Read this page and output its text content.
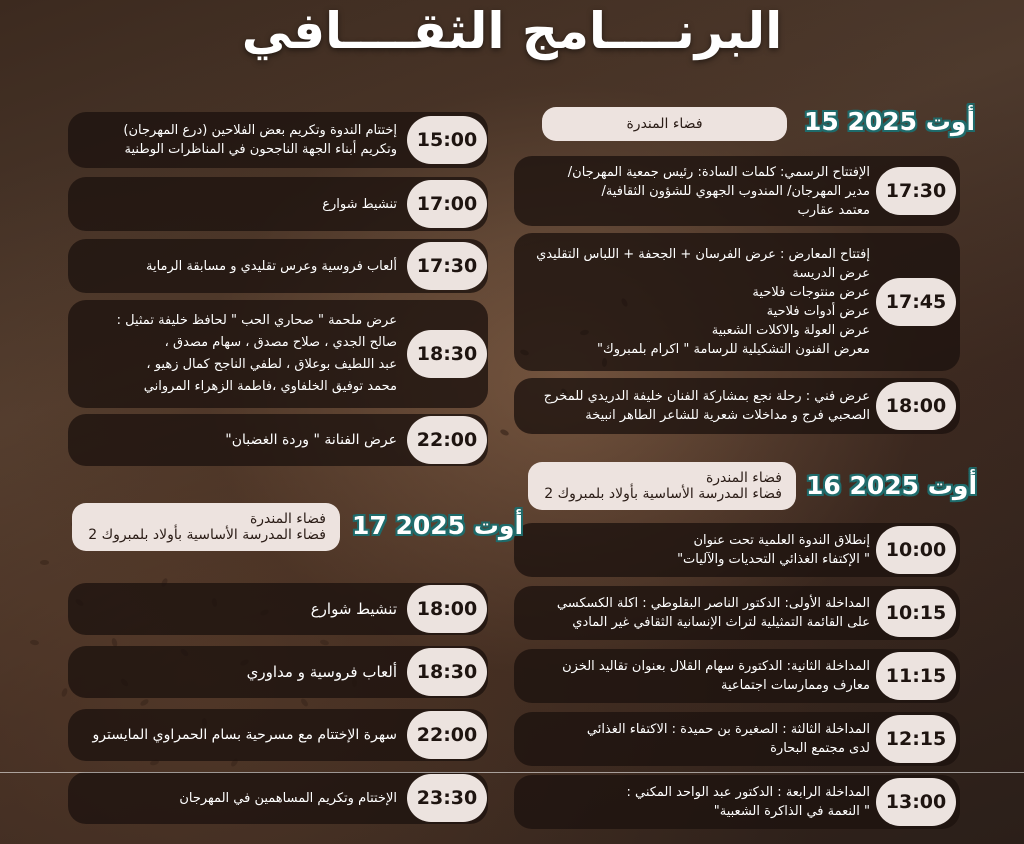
البرنــــامج الثقــــافي
15 أوت 2025
فضاء المندرة
17:30
الإفتتاح الرسمي: كلمات السادة: رئيس جمعية المهرجان/
مدير المهرجان/ المندوب الجهوي للشؤون الثقافية/
معتمد عقارب
17:45
إفتتاح المعارض : عرض الفرسان + الجحفة + اللباس التقليدي
عرض الدريسة
عرض منتوجات فلاحية
عرض أدوات فلاحية
عرض العولة والاكلات الشعبية
معرض الفنون التشكيلية للرسامة " اكرام بلمبروك"
18:00
عرض فني : رحلة نجع بمشاركة الفنان خليفة الدريدي للمخرج
الصحبي فرج و مداخلات شعرية للشاعر الطاهر انبيخة
16 أوت 2025
فضاء المندرة
فضاء المدرسة الأساسية بأولاد بلمبروك 2
10:00
إنطلاق الندوة العلمية تحت عنوان
" الإكتفاء الغذائي التحديات والآليات"
10:15
المداخلة الأولى: الدكتور الناصر البقلوطي : اكلة الكسكسي
على القائمة التمثيلية لتراث الإنسانية الثقافي غير المادي
11:15
المداخلة الثانية: الدكتورة سهام القلال بعنوان تقاليد الخزن
معارف وممارسات اجتماعية
12:15
المداخلة الثالثة : الصغيرة بن حميدة : الاكتفاء الغذائي
لدى مجتمع البحارة
13:00
المداخلة الرابعة : الدكتور عبد الواحد المكني :
" النعمة في الذاكرة الشعبية"
15:00
إختتام الندوة وتكريم بعض الفلاحين (درع المهرجان)
وتكريم أبناء الجهة الناجحون في المناظرات الوطنية
17:00
تنشيط شوارع
17:30
ألعاب فروسية وعرس تقليدي و مسابقة الرماية
18:30
عرض ملحمة " صحاري الحب " لحافظ خليفة تمثيل :
صالح الجدي ، صلاح مصدق ، سهام مصدق ،
عبد اللطيف بوعلاق ، لطفي الناجح كمال زهيو ،
محمد توفيق الخلفاوي ،فاطمة الزهراء المرواني
22:00
عرض الفنانة " وردة الغضبان"
17 أوت 2025
فضاء المندرة
فضاء المدرسة الأساسية بأولاد بلمبروك 2
18:00
تنشيط شوارع
18:30
ألعاب فروسية و مداوري
22:00
سهرة الإختتام مع مسرحية بسام الحمراوي المايسترو
23:30
الإختتام وتكريم المساهمين في المهرجان
